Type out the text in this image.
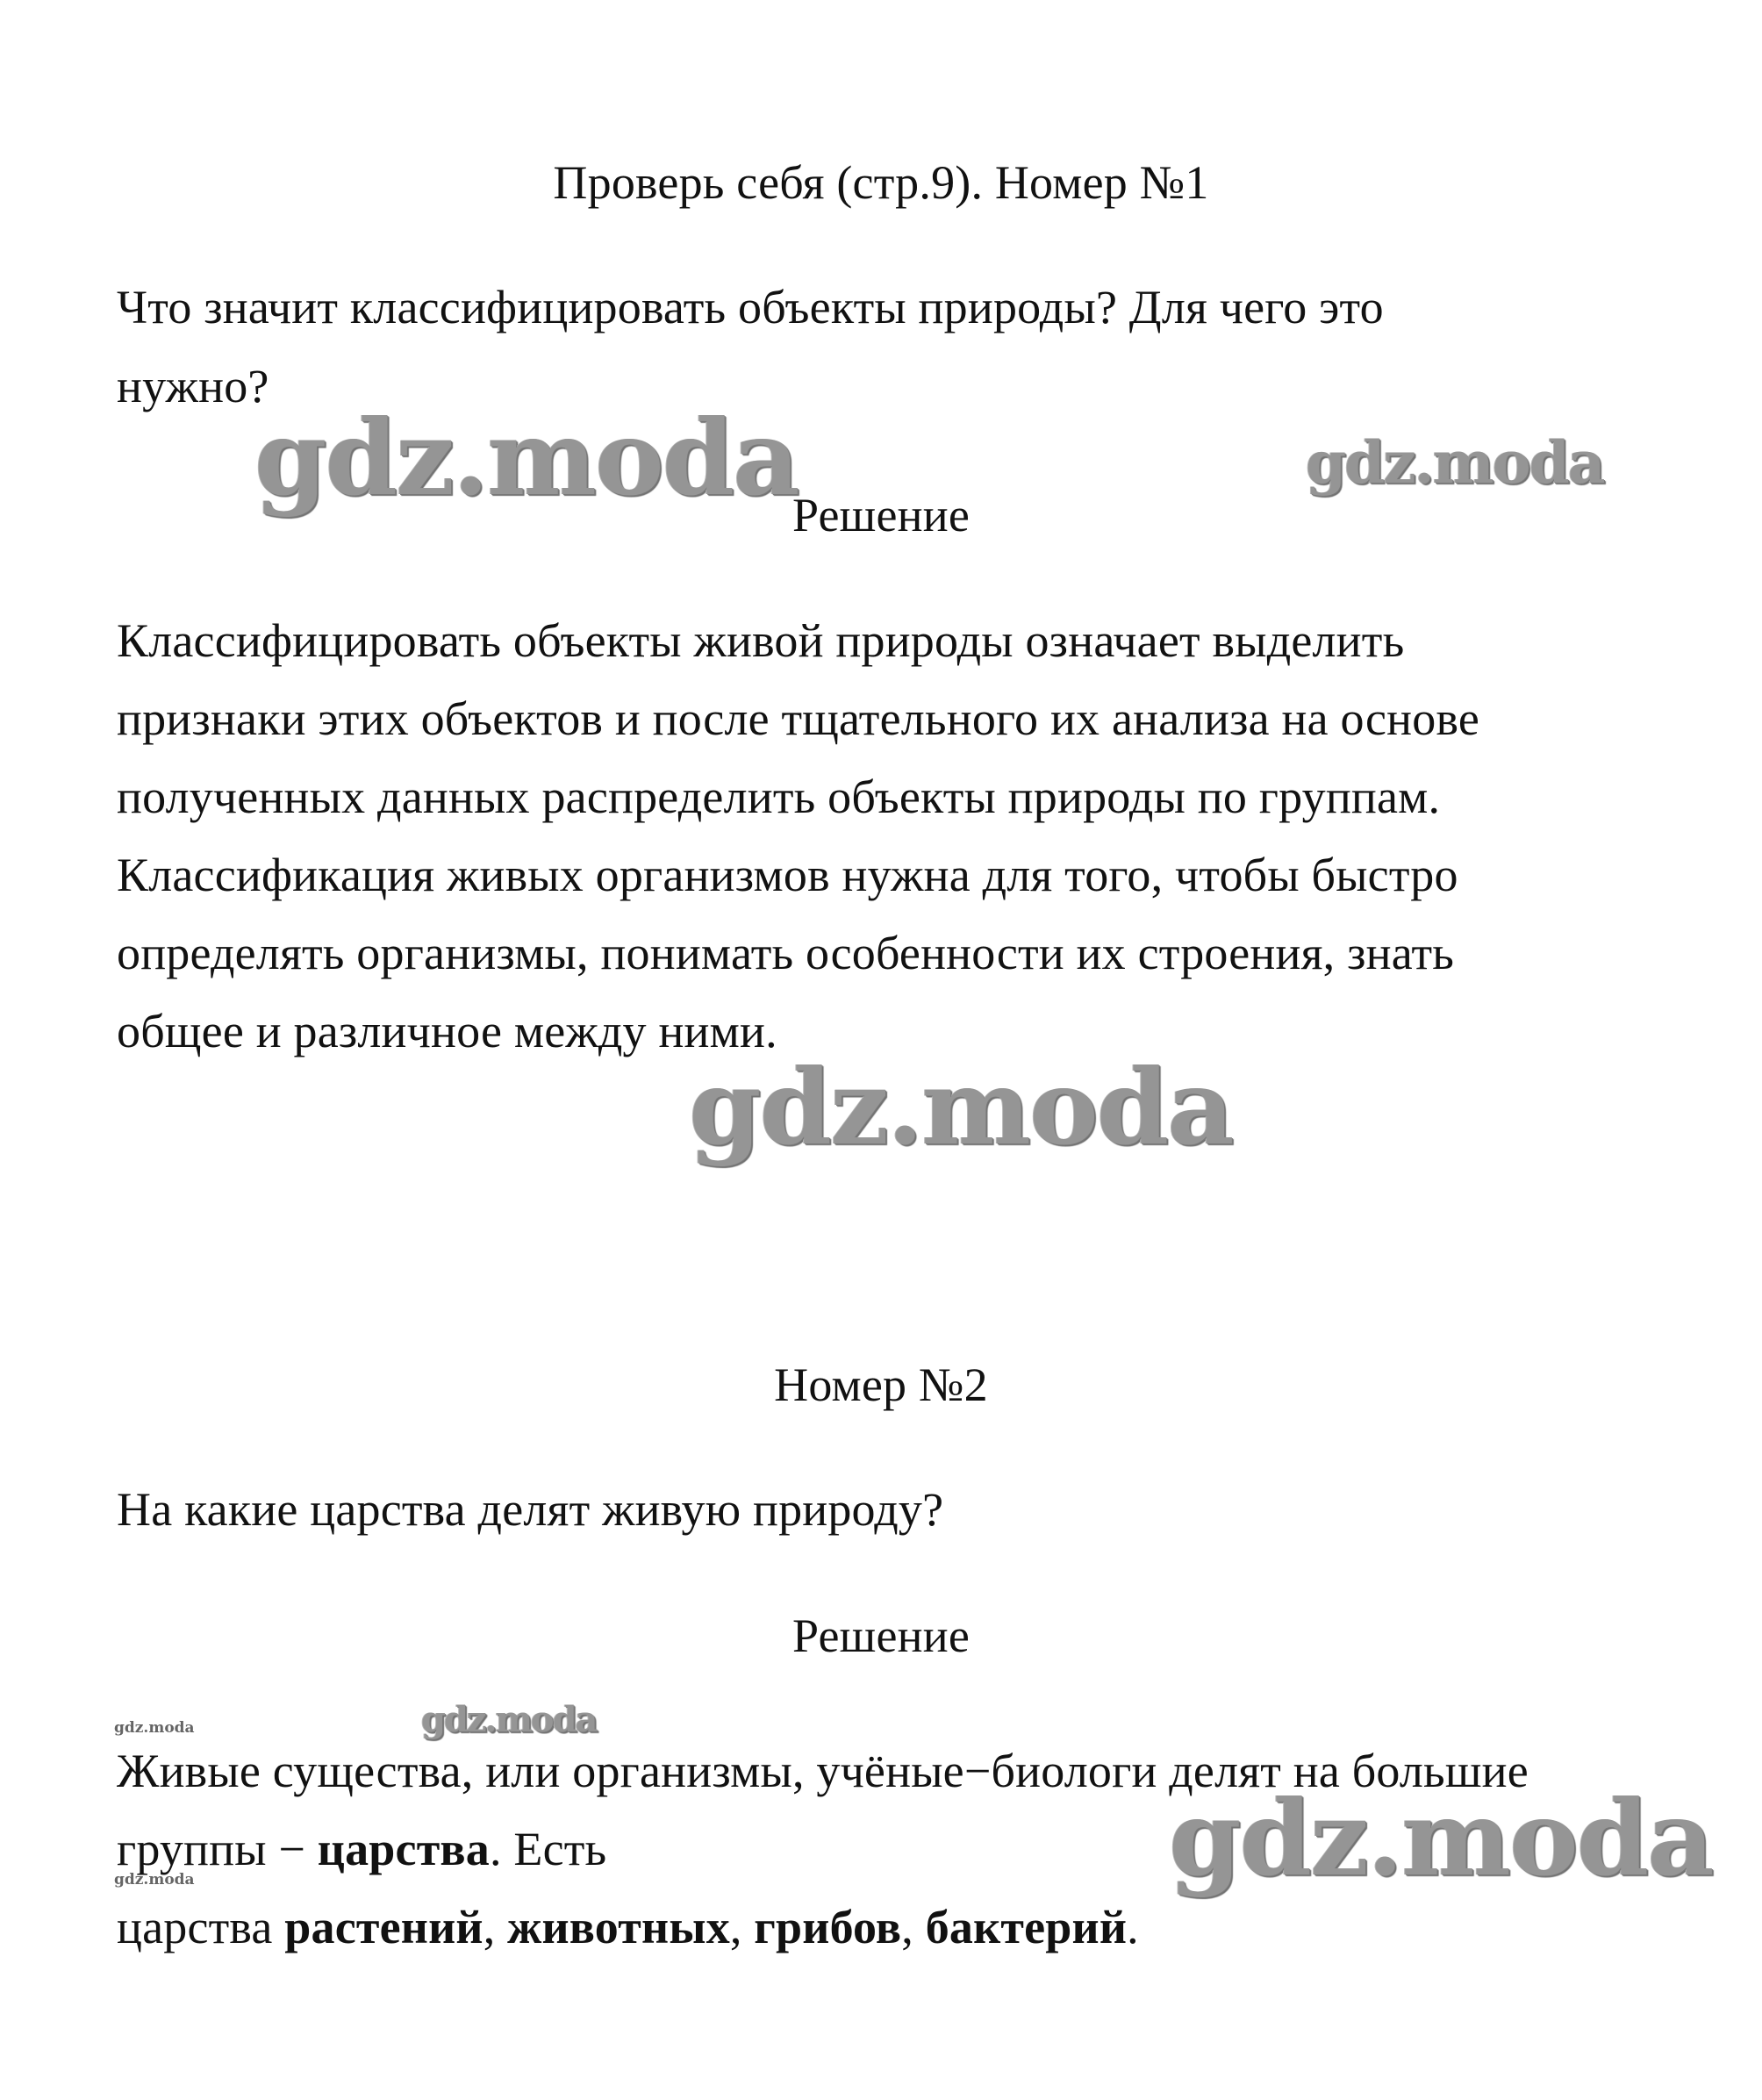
Проверь себя (стр.9). Номер №1

Что значит классифицировать объекты природы? Для чего это

нужно?

Решение

Классифицировать объекты живой природы означает выделить

признаки этих объектов и после тщательного их анализа на основе

полученных данных распределить объекты природы по группам.

Классификация живых организмов нужна для того, чтобы быстро

определять организмы, понимать особенности их строения, знать

общее и различное между ними.

Номер №2

На какие царства делят живую природу?

Решение

Живые существа, или организмы, учёные−биологи делят на большие

группы − царства. Есть

царства растений, животных, грибов, бактерий.

gdz.moda	gdz.moda
gdz.moda
gdz.moda
gdz.moda
gdz.moda
gdz.moda
